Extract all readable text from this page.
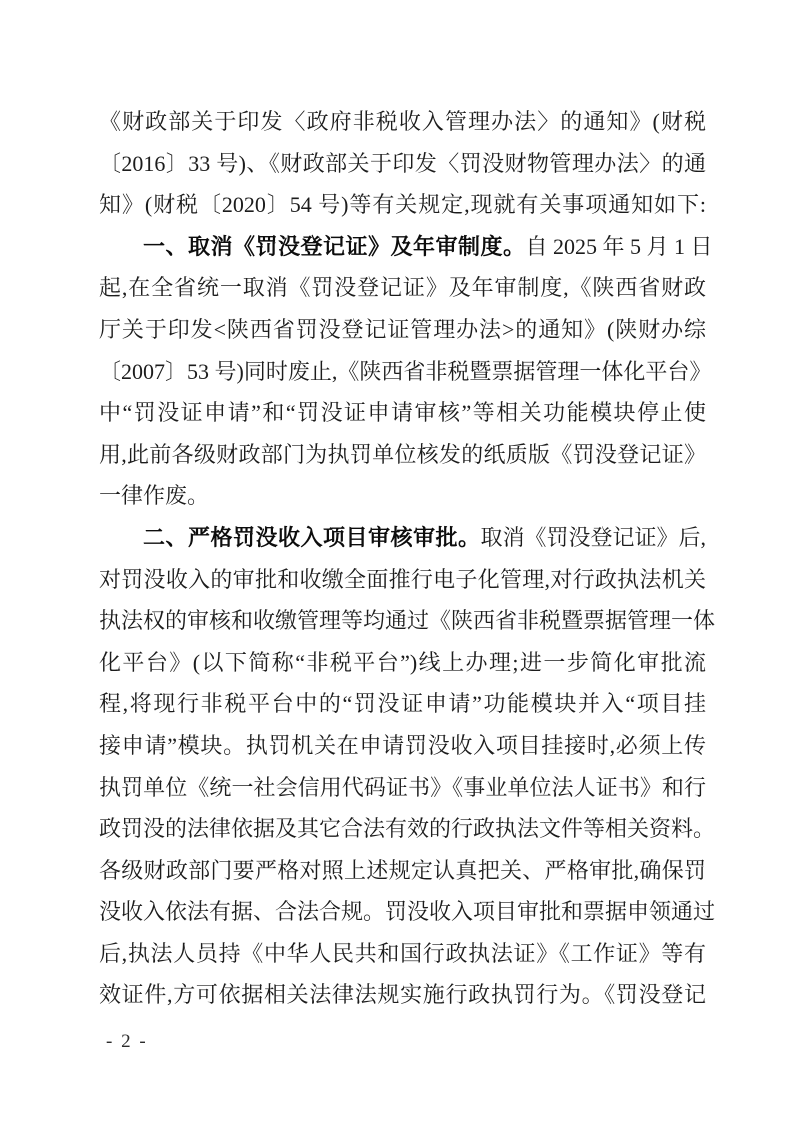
《财政部关于印发〈政府非税收入管理办法〉的通知》(财税
〔2016〕33 号)、《财政部关于印发〈罚没财物管理办法〉的通
知》(财税〔2020〕54 号)等有关规定,现就有关事项通知如下:
一、取消《罚没登记证》及年审制度。自 2025 年 5 月 1 日
起,在全省统一取消《罚没登记证》及年审制度,《陕西省财政
厅关于印发<陕西省罚没登记证管理办法>的通知》(陕财办综
〔2007〕53 号)同时废止,《陕西省非税暨票据管理一体化平台》
中“罚没证申请”和“罚没证申请审核”等相关功能模块停止使
用,此前各级财政部门为执罚单位核发的纸质版《罚没登记证》
一律作废。
二、严格罚没收入项目审核审批。取消《罚没登记证》后,
对罚没收入的审批和收缴全面推行电子化管理,对行政执法机关
执法权的审核和收缴管理等均通过《陕西省非税暨票据管理一体
化平台》(以下简称“非税平台”)线上办理;进一步简化审批流
程,将现行非税平台中的“罚没证申请”功能模块并入“项目挂
接申请”模块。执罚机关在申请罚没收入项目挂接时,必须上传
执罚单位《统一社会信用代码证书》《事业单位法人证书》和行
政罚没的法律依据及其它合法有效的行政执法文件等相关资料。
各级财政部门要严格对照上述规定认真把关、严格审批,确保罚
没收入依法有据、合法合规。罚没收入项目审批和票据申领通过
后,执法人员持《中华人民共和国行政执法证》《工作证》等有
效证件,方可依据相关法律法规实施行政执罚行为。《罚没登记
- 2 -
